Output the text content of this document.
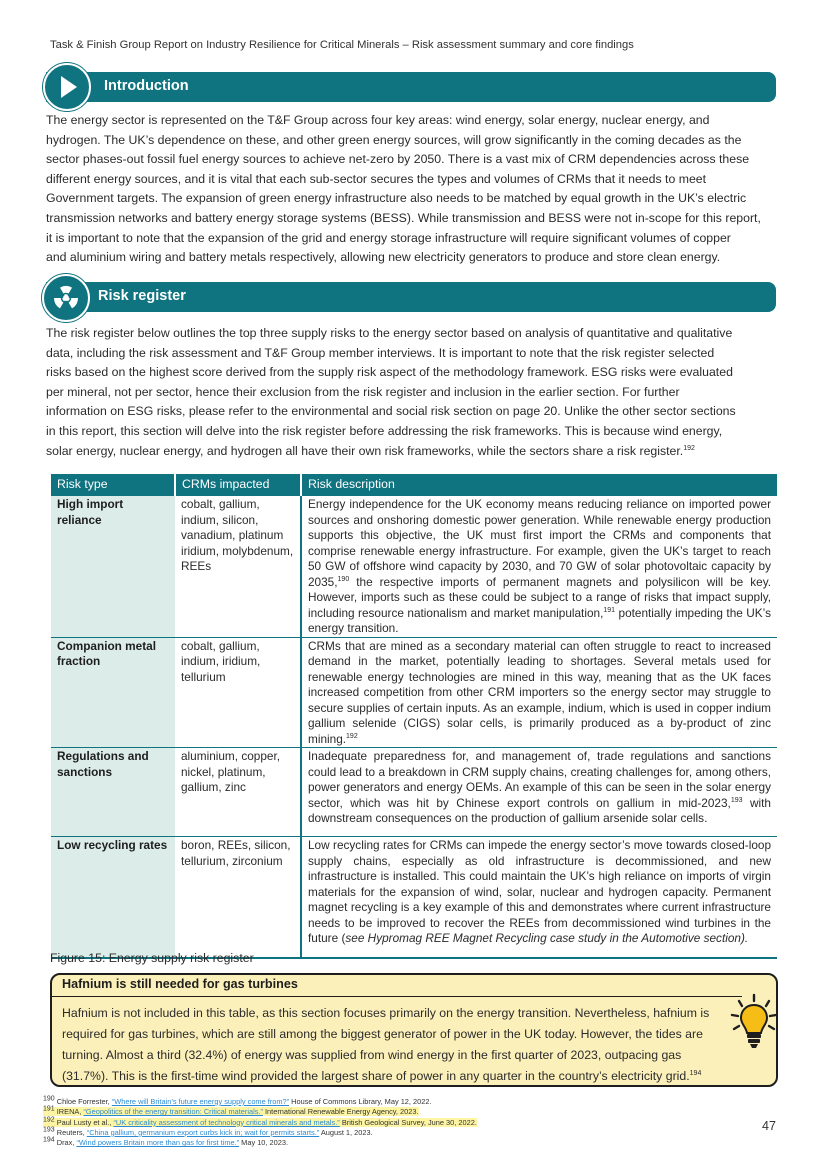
Task & Finish Group Report on Industry Resilience for Critical Minerals – Risk assessment summary and core findings
Introduction
The energy sector is represented on the T&F Group across four key areas: wind energy, solar energy, nuclear energy, and
hydrogen. The UK’s dependence on these, and other green energy sources, will grow significantly in the coming decades as the
sector phases-out fossil fuel energy sources to achieve net-zero by 2050. There is a vast mix of CRM dependencies across these
different energy sources, and it is vital that each sub-sector secures the types and volumes of CRMs that it needs to meet
Government targets. The expansion of green energy infrastructure also needs to be matched by equal growth in the UK’s electric
transmission networks and battery energy storage systems (BESS). While transmission and BESS were not in-scope for this report,
it is important to note that the expansion of the grid and energy storage infrastructure will require significant volumes of copper
and aluminium wiring and battery metals respectively, allowing new electricity generators to produce and store clean energy.
Risk register
The risk register below outlines the top three supply risks to the energy sector based on analysis of quantitative and qualitative
data, including the risk assessment and T&F Group member interviews. It is important to note that the risk register selected
risks based on the highest score derived from the supply risk aspect of the methodology framework. ESG risks were evaluated
per mineral, not per sector, hence their exclusion from the risk register and inclusion in the earlier section. For further
information on ESG risks, please refer to the environmental and social risk section on page 20. Unlike the other sector sections
in this report, this section will delve into the risk register before addressing the risk frameworks. This is because wind energy,
solar energy, nuclear energy, and hydrogen all have their own risk frameworks, while the sectors share a risk register.$^{192}$
Risk type	CRMs impacted	Risk description
High import reliance	cobalt, gallium, indium, silicon, vanadium, platinum iridium, molybdenum, REEs	Energy independence for the UK economy means reducing reliance on imported power sources and onshoring domestic power generation. While renewable energy production supports this objective, the UK must first import the CRMs and components that comprise renewable energy infrastructure. For example, given the UK’s target to reach 50 GW of offshore wind capacity by 2030, and 70 GW of solar photovoltaic capacity by 2035,$^{190}$ the respective imports of permanent magnets and polysilicon will be key. However, imports such as these could be subject to a range of risks that impact supply, including resource nationalism and market manipulation,$^{191}$ potentially impeding the UK’s energy transition.
Companion metal fraction	cobalt, gallium, indium, iridium, tellurium	CRMs that are mined as a secondary material can often struggle to react to increased demand in the market, potentially leading to shortages. Several metals used for renewable energy technologies are mined in this way, meaning that as the UK faces increased competition from other CRM importers so the energy sector may struggle to secure supplies of certain inputs. As an example, indium, which is used in copper indium gallium selenide (CIGS) solar cells, is primarily produced as a by-product of zinc mining.$^{192}$
Regulations and sanctions	aluminium, copper, nickel, platinum, gallium, zinc	Inadequate preparedness for, and management of, trade regulations and sanctions could lead to a breakdown in CRM supply chains, creating challenges for, among others, power generators and energy OEMs. An example of this can be seen in the solar energy sector, which was hit by Chinese export controls on gallium in mid-2023,$^{193}$ with downstream consequences on the production of gallium arsenide solar cells.
Low recycling rates	boron, REEs, silicon, tellurium, zirconium	Low recycling rates for CRMs can impede the energy sector’s move towards closed-loop supply chains, especially as old infrastructure is decommissioned, and new infrastructure is installed. This could maintain the UK’s high reliance on imports of virgin materials for the expansion of wind, solar, nuclear and hydrogen capacity. Permanent magnet recycling is a key example of this and demonstrates where current infrastructure needs to be improved to recover the REEs from decommissioned wind turbines in the future (see Hypromag REE Magnet Recycling case study in the Automotive section).
Figure 15: Energy supply risk register
Hafnium is still needed for gas turbines
Hafnium is not included in this table, as this section focuses primarily on the energy transition. Nevertheless, hafnium is
required for gas turbines, which are still among the biggest generator of power in the UK today. However, the tides are
turning. Almost a third (32.4%) of energy was supplied from wind energy in the first quarter of 2023, outpacing gas
(31.7%). This is the first-time wind provided the largest share of power in any quarter in the country’s electricity grid.$^{194}$
$^{190}$ Chloe Forrester, “Where will Britain’s future energy supply come from?” House of Commons Library, May 12, 2022.
$^{191}$ IRENA, “Geopolitics of the energy transition: Critical materials.” International Renewable Energy Agency, 2023.
$^{192}$ Paul Lusty et al., “UK criticality assessment of technology critical minerals and metals.” British Geological Survey, June 30, 2022.
$^{193}$ Reuters, “China gallium, germanium export curbs kick in; wait for permits starts.” August 1, 2023.
$^{194}$ Drax, “Wind powers Britain more than gas for first time.” May 10, 2023.
47
